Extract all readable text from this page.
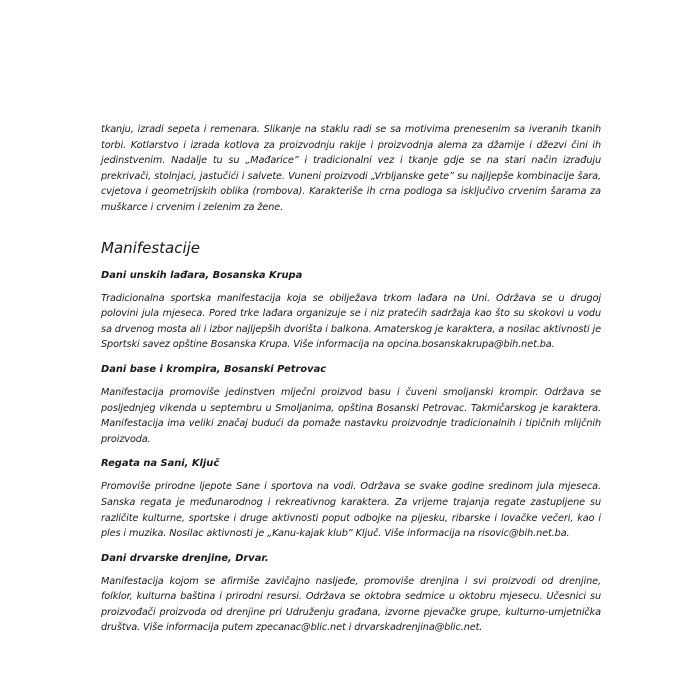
tkanju, izradi sepeta i remenara. Slikanje na staklu radi se sa motivima prenesenim sa iveranih tkanih torbi. Kotlarstvo i izrada kotlova za proizvodnju rakije i proizvodnja alema za džamije i džezvi čini ih jedinstvenim. Nadalje tu su „Mađarice” i tradicionalni vez i tkanje gdje se na stari način izrađuju prekrivači, stolnjaci, jastučići i salvete. Vuneni proizvodi „Vrbljanske gete” su najljepše kombinacije šara, cvjetova i geometrijskih oblika (rombova). Karakteriše ih crna podloga sa isključivo crvenim šarama za muškarce i crvenim i zelenim za žene.

Manifestacije
Dani unskih lađara, Bosanska Krupa

Tradicionalna sportska manifestacija koja se obilježava trkom lađara na Uni. Održava se u drugoj polovini jula mjeseca. Pored trke lađara organizuje se i niz pratećih sadržaja kao što su skokovi u vodu sa drvenog mosta ali i izbor najljepših dvorišta i balkona. Amaterskog je karaktera, a nosilac aktivnosti je Sportski savez opštine Bosanska Krupa. Više informacija na opcina.bosanskakrupa@bih.net.ba.

Dani base i krompira, Bosanski Petrovac

Manifestacija promoviše jedinstven mlječni proizvod basu i čuveni smoljanski krompir. Održava se posljednjeg vikenda u septembru u Smoljanima, opština Bosanski Petrovac. Takmičarskog je karaktera. Manifestacija ima veliki značaj budući da pomaže nastavku proizvodnje tradicionalnih i tipičnih mlijčnih proizvoda.

Regata na Sani, Ključ

Promoviše prirodne ljepote Sane i sportova na vodi. Održava se svake godine sredinom jula mjeseca. Sanska regata je međunarodnog i rekreativnog karaktera. Za vrijeme trajanja regate zastupljene su različite kulturne, sportske i druge aktivnosti poput odbojke na pijesku, ribarske i lovačke večeri, kao i ples i muzika. Nosilac aktivnosti je „Kanu-kajak klub” Ključ. Više informacija na risovic@bih.net.ba.

Dani drvarske drenjine, Drvar.

Manifestacija kojom se afirmiše zavičajno nasljeđe, promoviše drenjina i svi proizvodi od drenjine, folklor, kulturna baština i prirodni resursi. Održava se oktobra sedmice u oktobru mjesecu. Učesnici su proizvođači proizvoda od drenjine pri Udruženju građana, izvorne pjevačke grupe, kulturno-umjetnička društva. Više informacija putem zpecanac@blic.net i drvarskadrenjina@blic.net.
